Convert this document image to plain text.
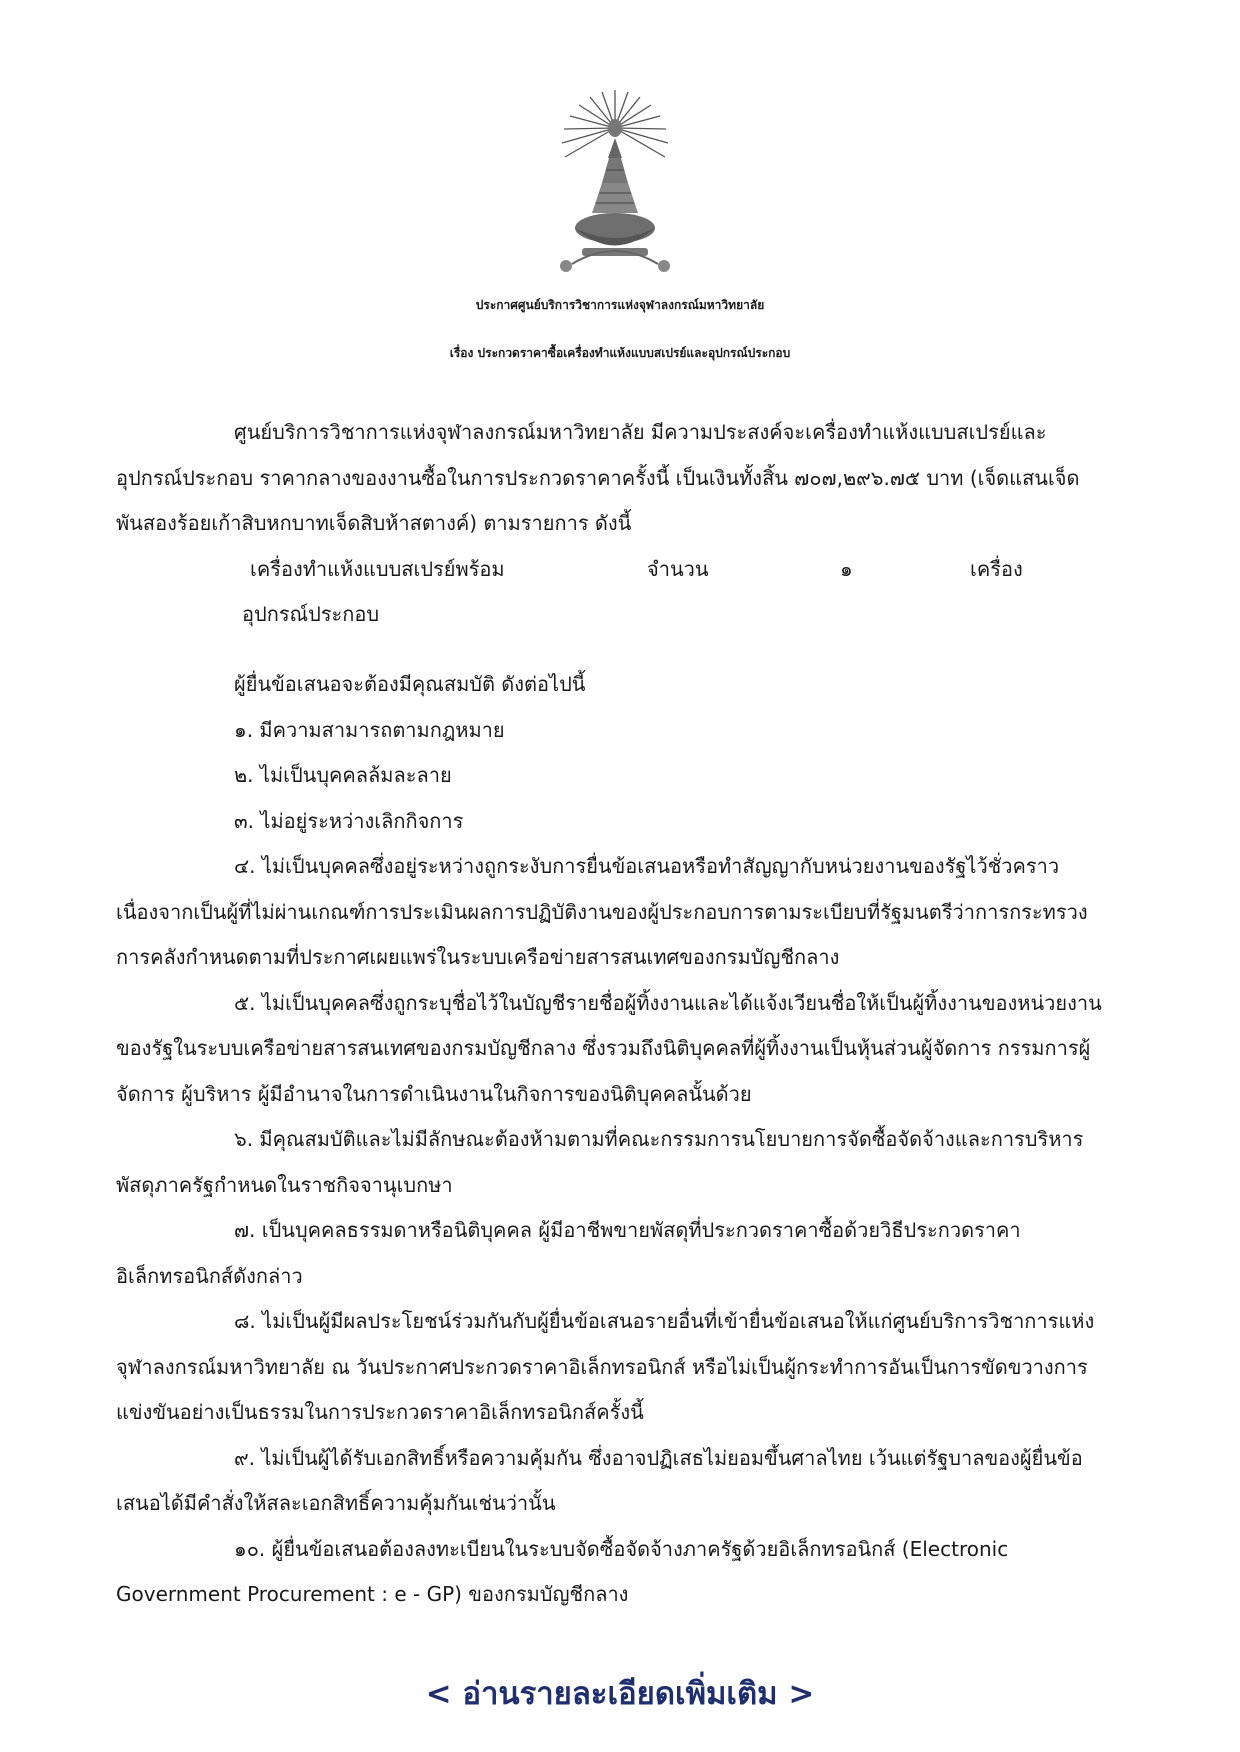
ประกาศศูนย์บริการวิชาการแห่งจุฬาลงกรณ์มหาวิทยาลัย
เรื่อง ประกวดราคาซื้อเครื่องทำแห้งแบบสเปรย์และอุปกรณ์ประกอบ
ศูนย์บริการวิชาการแห่งจุฬาลงกรณ์มหาวิทยาลัย มีความประสงค์จะเครื่องทำแห้งแบบสเปรย์และ
อุปกรณ์ประกอบ ราคากลางของงานซื้อในการประกวดราคาครั้งนี้ เป็นเงินทั้งสิ้น ๗๐๗,๒๙๖.๗๕ บาท (เจ็ดแสนเจ็ด
พันสองร้อยเก้าสิบหกบาทเจ็ดสิบห้าสตางค์) ตามรายการ ดังนี้
เครื่องทำแห้งแบบสเปรย์พร้อม	จำนวน	๑	เครื่อง
อุปกรณ์ประกอบ
ผู้ยื่นข้อเสนอจะต้องมีคุณสมบัติ ดังต่อไปนี้
๑. มีความสามารถตามกฎหมาย
๒. ไม่เป็นบุคคลล้มละลาย
๓. ไม่อยู่ระหว่างเลิกกิจการ
๔. ไม่เป็นบุคคลซึ่งอยู่ระหว่างถูกระงับการยื่นข้อเสนอหรือทำสัญญากับหน่วยงานของรัฐไว้ชั่วคราว
เนื่องจากเป็นผู้ที่ไม่ผ่านเกณฑ์การประเมินผลการปฏิบัติงานของผู้ประกอบการตามระเบียบที่รัฐมนตรีว่าการกระทรวง
การคลังกำหนดตามที่ประกาศเผยแพร่ในระบบเครือข่ายสารสนเทศของกรมบัญชีกลาง
๕. ไม่เป็นบุคคลซึ่งถูกระบุชื่อไว้ในบัญชีรายชื่อผู้ทิ้งงานและได้แจ้งเวียนชื่อให้เป็นผู้ทิ้งงานของหน่วยงาน
ของรัฐในระบบเครือข่ายสารสนเทศของกรมบัญชีกลาง ซึ่งรวมถึงนิติบุคคลที่ผู้ทิ้งงานเป็นหุ้นส่วนผู้จัดการ กรรมการผู้
จัดการ ผู้บริหาร ผู้มีอำนาจในการดำเนินงานในกิจการของนิติบุคคลนั้นด้วย
๖. มีคุณสมบัติและไม่มีลักษณะต้องห้ามตามที่คณะกรรมการนโยบายการจัดซื้อจัดจ้างและการบริหาร
พัสดุภาครัฐกำหนดในราชกิจจานุเบกษา
๗. เป็นบุคคลธรรมดาหรือนิติบุคคล ผู้มีอาชีพขายพัสดุที่ประกวดราคาซื้อด้วยวิธีประกวดราคา
อิเล็กทรอนิกส์ดังกล่าว
๘. ไม่เป็นผู้มีผลประโยชน์ร่วมกันกับผู้ยื่นข้อเสนอรายอื่นที่เข้ายื่นข้อเสนอให้แก่ศูนย์บริการวิชาการแห่ง
จุฬาลงกรณ์มหาวิทยาลัย ณ วันประกาศประกวดราคาอิเล็กทรอนิกส์ หรือไม่เป็นผู้กระทำการอันเป็นการขัดขวางการ
แข่งขันอย่างเป็นธรรมในการประกวดราคาอิเล็กทรอนิกส์ครั้งนี้
๙. ไม่เป็นผู้ได้รับเอกสิทธิ์หรือความคุ้มกัน ซึ่งอาจปฏิเสธไม่ยอมขึ้นศาลไทย เว้นแต่รัฐบาลของผู้ยื่นข้อ
เสนอได้มีคำสั่งให้สละเอกสิทธิ์ความคุ้มกันเช่นว่านั้น
๑๐. ผู้ยื่นข้อเสนอต้องลงทะเบียนในระบบจัดซื้อจัดจ้างภาครัฐด้วยอิเล็กทรอนิกส์ (Electronic
Government Procurement : e - GP) ของกรมบัญชีกลาง
< อ่านรายละเอียดเพิ่มเติม >
